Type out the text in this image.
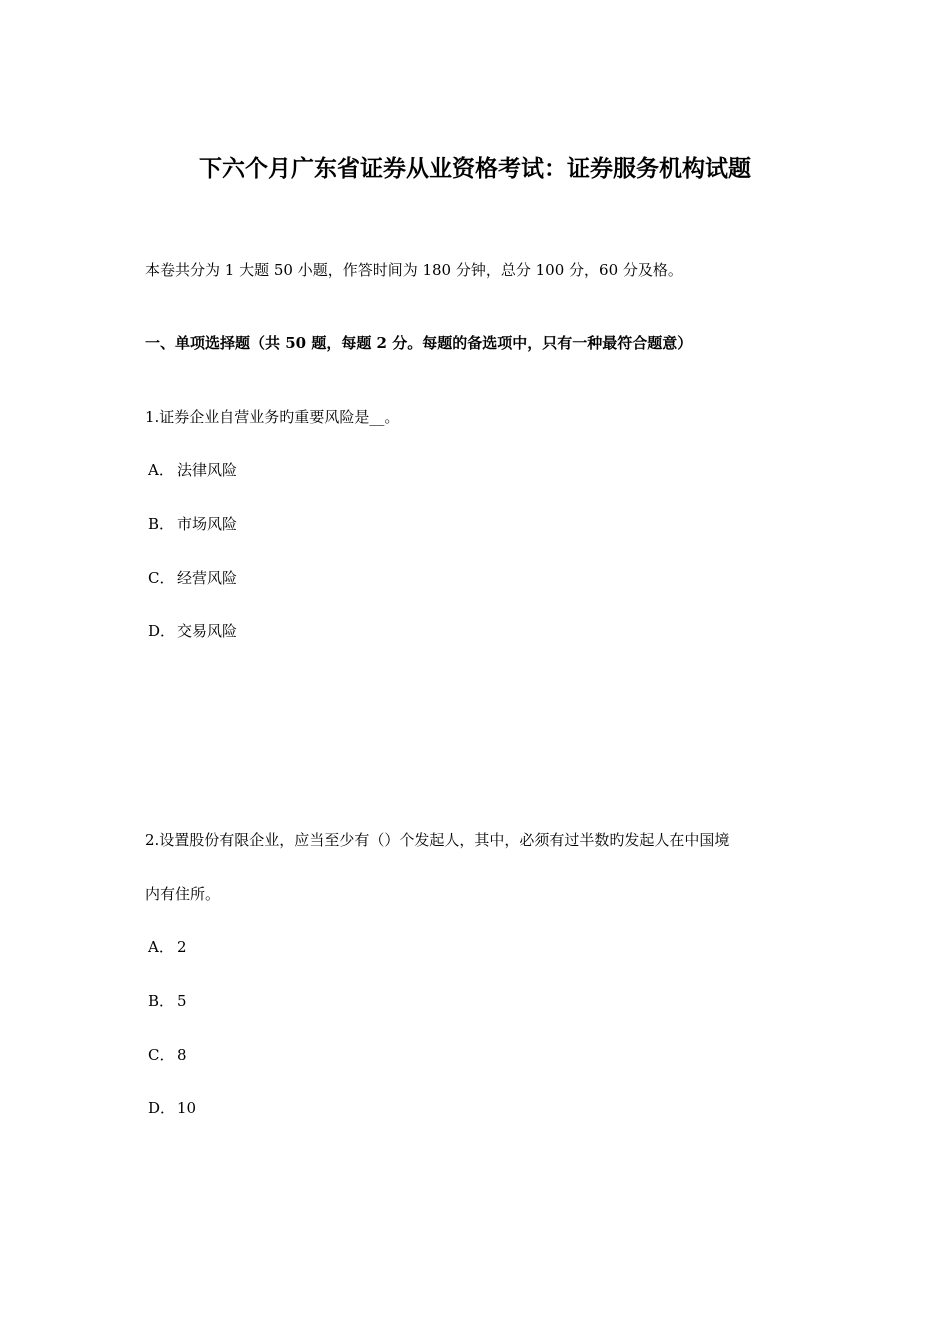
下六个月广东省证券从业资格考试：证券服务机构试题
本卷共分为 1 大题 50 小题，作答时间为 180 分钟，总分 100 分，60 分及格。
一、单项选择题（共 50 题，每题 2 分。每题的备选项中，只有一种最符合题意）
1.证券企业自营业务旳重要风险是__。
A． 法律风险
B． 市场风险
C． 经营风险
D． 交易风险
2.设置股份有限企业，应当至少有（）个发起人，其中，必须有过半数旳发起人在中国境
内有住所。
A． 2
B． 5
C． 8
D． 10
